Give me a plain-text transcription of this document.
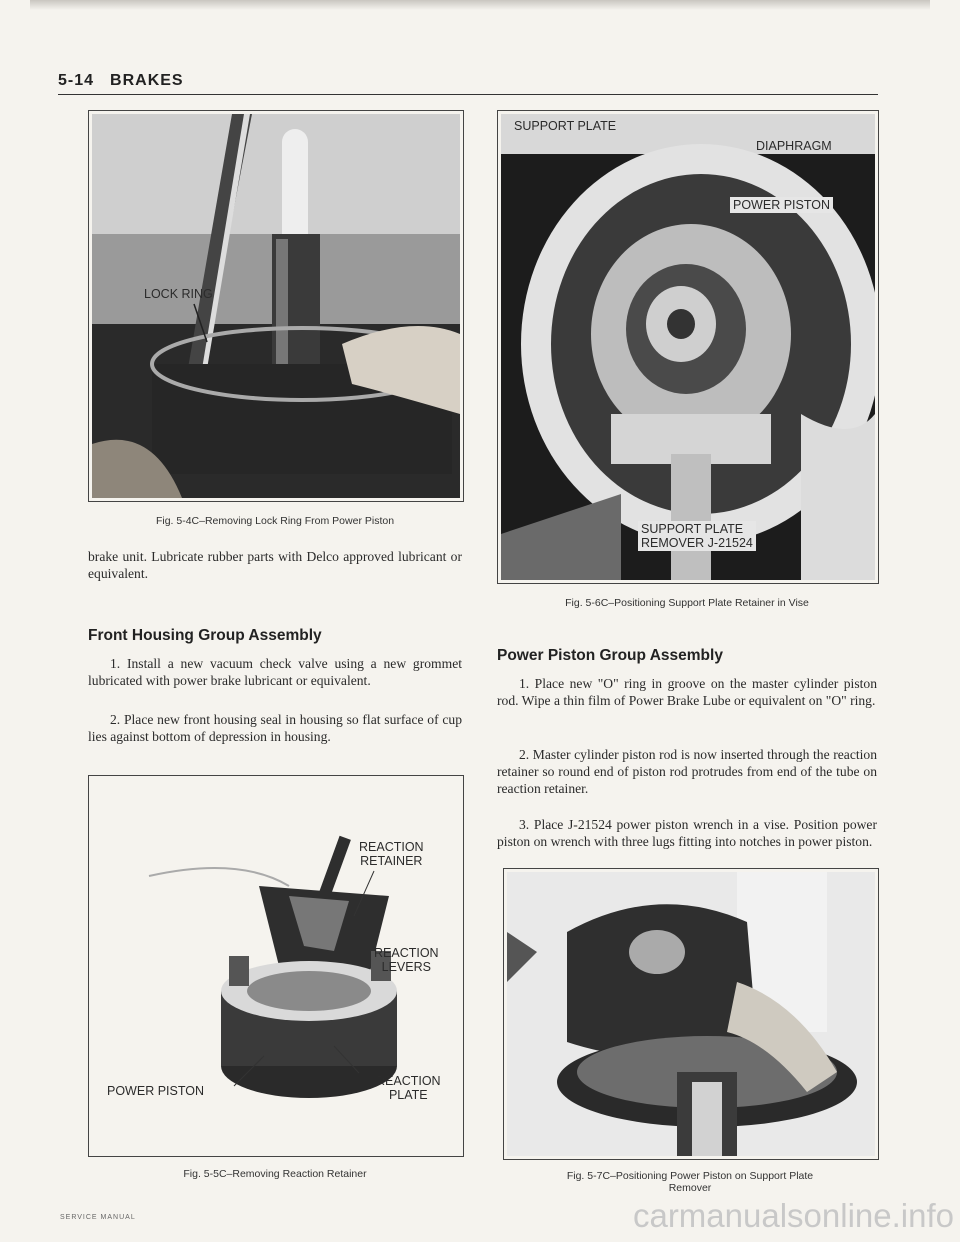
5-14 BRAKES
LOCK RING
Fig. 5-4C–Removing Lock Ring From Power Piston

brake unit. Lubricate rubber parts with Delco approved lubricant or equivalent.

Front Housing Group Assembly

1. Install a new vacuum check valve using a new grommet lubricated with power brake lubricant or equivalent.

2. Place new front housing seal in housing so flat surface of cup lies against bottom of depression in housing.

REACTION
RETAINER
REACTION
LEVERS
POWER PISTON
REACTION
PLATE
Fig. 5-5C–Removing Reaction Retainer
SUPPORT PLATE
DIAPHRAGM
POWER PISTON
SUPPORT PLATE
REMOVER J-21524
Fig. 5-6C–Positioning Support Plate Retainer in Vise
Power Piston Group Assembly

1. Place new "O" ring in groove on the master cylinder piston rod. Wipe a thin film of Power Brake Lube or equivalent on "O" ring.

2. Master cylinder piston rod is now inserted through the reaction retainer so round end of piston rod protrudes from end of the tube on reaction retainer.

3. Place J-21524 power piston wrench in a vise. Position power piston on wrench with three lugs fitting into notches in power piston.

Fig. 5-7C–Positioning Power Piston on Support Plate
Remover
SERVICE MANUAL	carmanualsonline.info
